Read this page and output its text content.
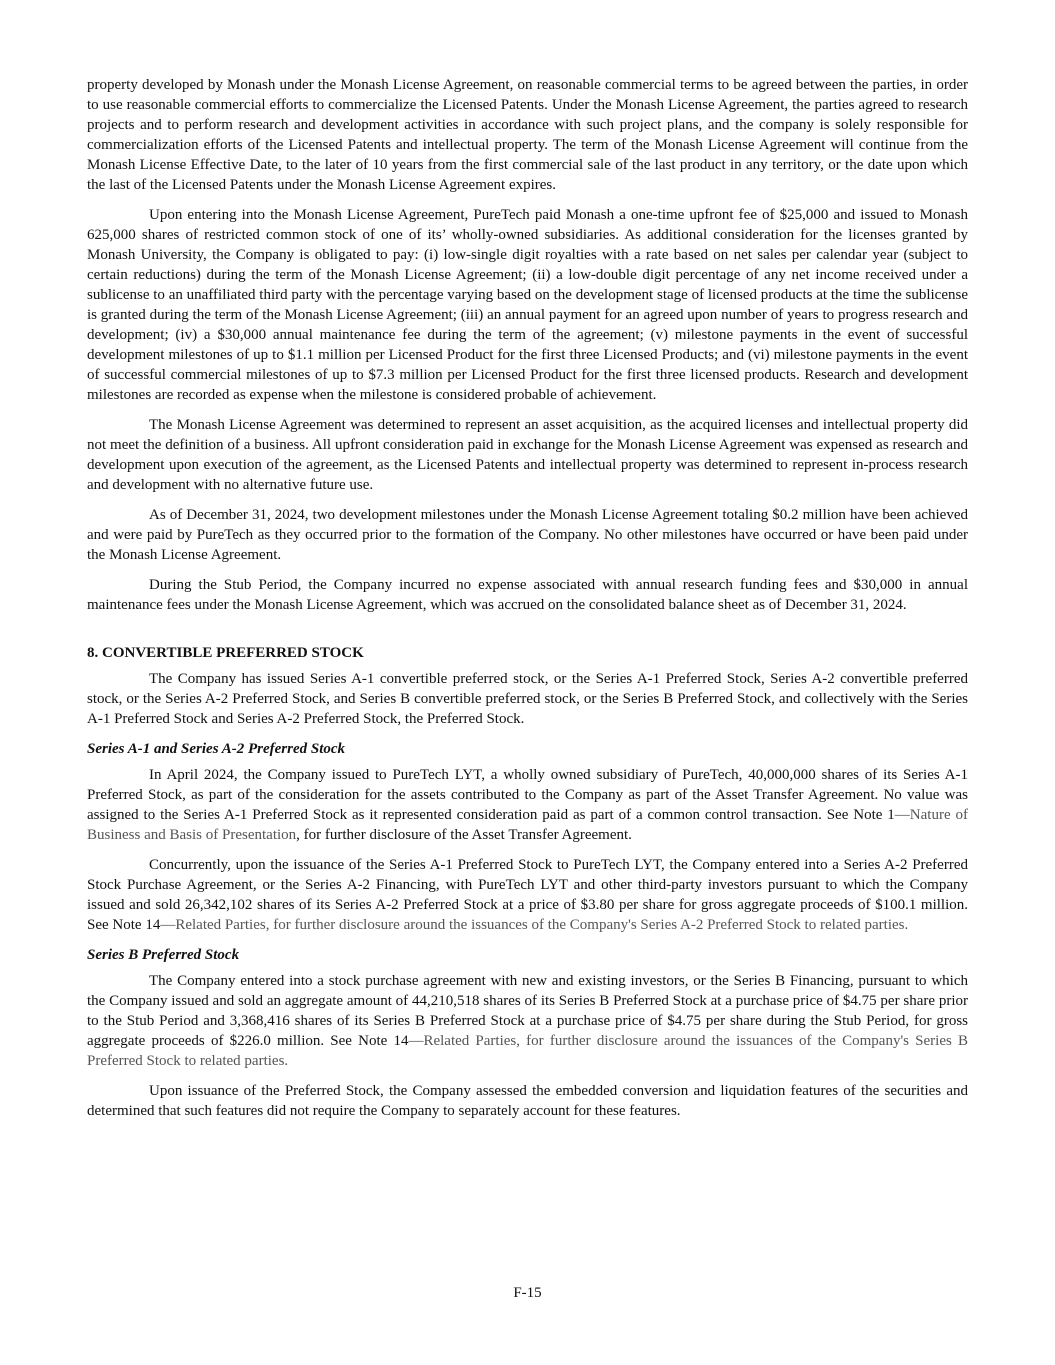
property developed by Monash under the Monash License Agreement, on reasonable commercial terms to be agreed between the parties, in order to use reasonable commercial efforts to commercialize the Licensed Patents. Under the Monash License Agreement, the parties agreed to research projects and to perform research and development activities in accordance with such project plans, and the company is solely responsible for commercialization efforts of the Licensed Patents and intellectual property. The term of the Monash License Agreement will continue from the Monash License Effective Date, to the later of 10 years from the first commercial sale of the last product in any territory, or the date upon which the last of the Licensed Patents under the Monash License Agreement expires.

Upon entering into the Monash License Agreement, PureTech paid Monash a one-time upfront fee of $25,000 and issued to Monash 625,000 shares of restricted common stock of one of its’ wholly-owned subsidiaries. As additional consideration for the licenses granted by Monash University, the Company is obligated to pay: (i) low-single digit royalties with a rate based on net sales per calendar year (subject to certain reductions) during the term of the Monash License Agreement; (ii) a low-double digit percentage of any net income received under a sublicense to an unaffiliated third party with the percentage varying based on the development stage of licensed products at the time the sublicense is granted during the term of the Monash License Agreement; (iii) an annual payment for an agreed upon number of years to progress research and development; (iv) a $30,000 annual maintenance fee during the term of the agreement; (v) milestone payments in the event of successful development milestones of up to $1.1 million per Licensed Product for the first three Licensed Products; and (vi) milestone payments in the event of successful commercial milestones of up to $7.3 million per Licensed Product for the first three licensed products. Research and development milestones are recorded as expense when the milestone is considered probable of achievement.

The Monash License Agreement was determined to represent an asset acquisition, as the acquired licenses and intellectual property did not meet the definition of a business. All upfront consideration paid in exchange for the Monash License Agreement was expensed as research and development upon execution of the agreement, as the Licensed Patents and intellectual property was determined to represent in-process research and development with no alternative future use.

As of December 31, 2024, two development milestones under the Monash License Agreement totaling $0.2 million have been achieved and were paid by PureTech as they occurred prior to the formation of the Company. No other milestones have occurred or have been paid under the Monash License Agreement.

During the Stub Period, the Company incurred no expense associated with annual research funding fees and $30,000 in annual maintenance fees under the Monash License Agreement, which was accrued on the consolidated balance sheet as of December 31, 2024.

8. CONVERTIBLE PREFERRED STOCK

The Company has issued Series A-1 convertible preferred stock, or the Series A-1 Preferred Stock, Series A-2 convertible preferred stock, or the Series A-2 Preferred Stock, and Series B convertible preferred stock, or the Series B Preferred Stock, and collectively with the Series A-1 Preferred Stock and Series A-2 Preferred Stock, the Preferred Stock.

Series A-1 and Series A-2 Preferred Stock

In April 2024, the Company issued to PureTech LYT, a wholly owned subsidiary of PureTech, 40,000,000 shares of its Series A-1 Preferred Stock, as part of the consideration for the assets contributed to the Company as part of the Asset Transfer Agreement. No value was assigned to the Series A-1 Preferred Stock as it represented consideration paid as part of a common control transaction. See Note 1—Nature of Business and Basis of Presentation, for further disclosure of the Asset Transfer Agreement.

Concurrently, upon the issuance of the Series A-1 Preferred Stock to PureTech LYT, the Company entered into a Series A-2 Preferred Stock Purchase Agreement, or the Series A-2 Financing, with PureTech LYT and other third-party investors pursuant to which the Company issued and sold 26,342,102 shares of its Series A-2 Preferred Stock at a price of $3.80 per share for gross aggregate proceeds of $100.1 million. See Note 14—Related Parties, for further disclosure around the issuances of the Company's Series A-2 Preferred Stock to related parties.

Series B Preferred Stock

The Company entered into a stock purchase agreement with new and existing investors, or the Series B Financing, pursuant to which the Company issued and sold an aggregate amount of 44,210,518 shares of its Series B Preferred Stock at a purchase price of $4.75 per share prior to the Stub Period and 3,368,416 shares of its Series B Preferred Stock at a purchase price of $4.75 per share during the Stub Period, for gross aggregate proceeds of $226.0 million. See Note 14—Related Parties, for further disclosure around the issuances of the Company's Series B Preferred Stock to related parties.

Upon issuance of the Preferred Stock, the Company assessed the embedded conversion and liquidation features of the securities and determined that such features did not require the Company to separately account for these features.

F-15
